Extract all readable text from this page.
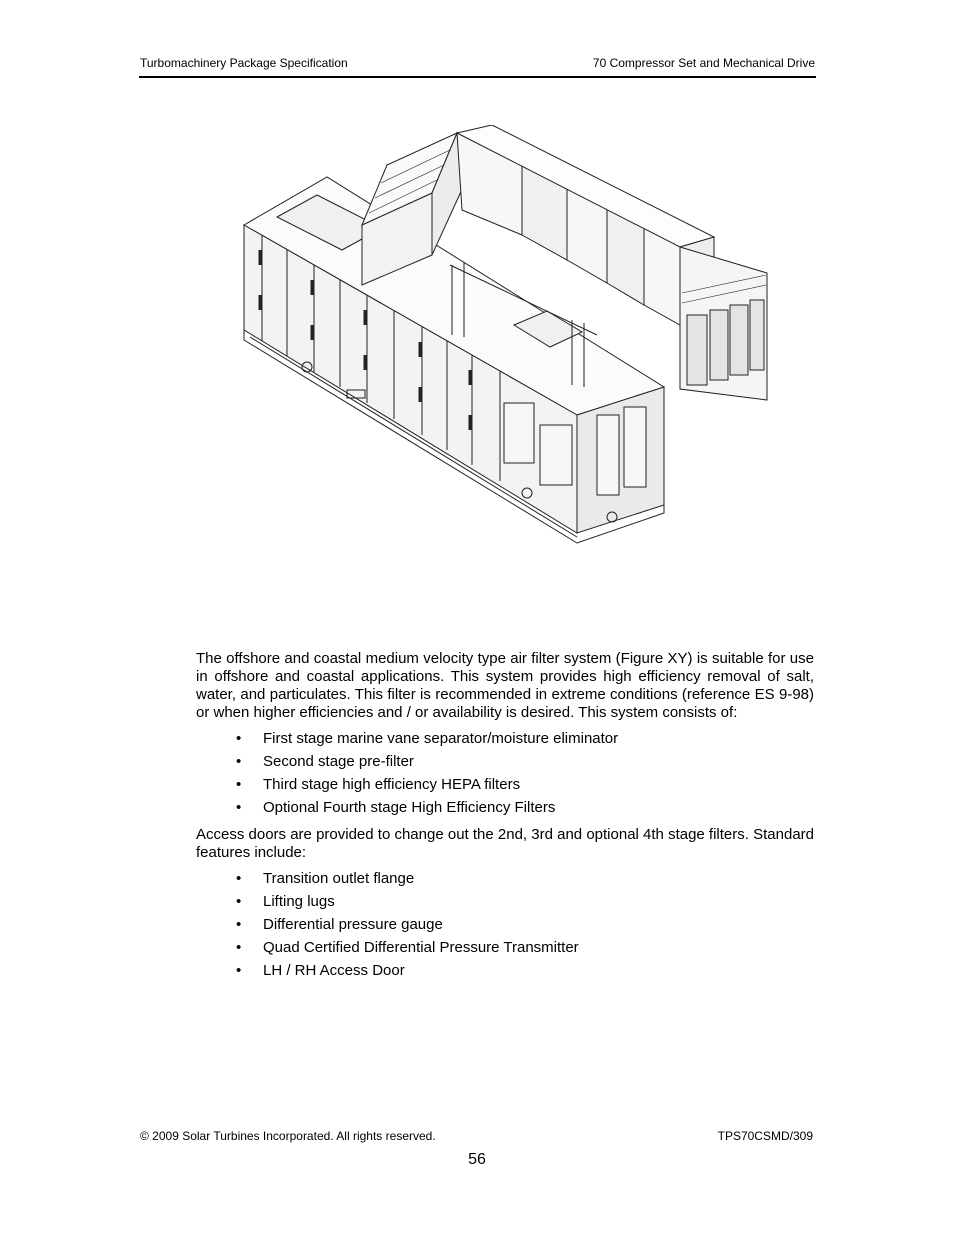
Turbomachinery Package Specification	70 Compressor Set and Mechanical Drive

The offshore and coastal medium velocity type air filter system (Figure XY) is suitable for use in offshore and coastal applications. This system provides high efficiency removal of salt, water, and particulates. This filter is recommended in extreme conditions (reference ES 9-98) or when higher efficiencies and / or availability is desired. This system consists of:

• First stage marine vane separator/moisture eliminator
• Second stage pre-filter
• Third stage high efficiency HEPA filters
• Optional Fourth stage High Efficiency Filters

Access doors are provided to change out the 2nd, 3rd and optional 4th stage filters. Standard features include:

• Transition outlet flange
• Lifting lugs
• Differential pressure gauge
• Quad Certified Differential Pressure Transmitter
• LH / RH Access Door
© 2009 Solar Turbines Incorporated. All rights reserved.	TPS70CSMD/309
56
